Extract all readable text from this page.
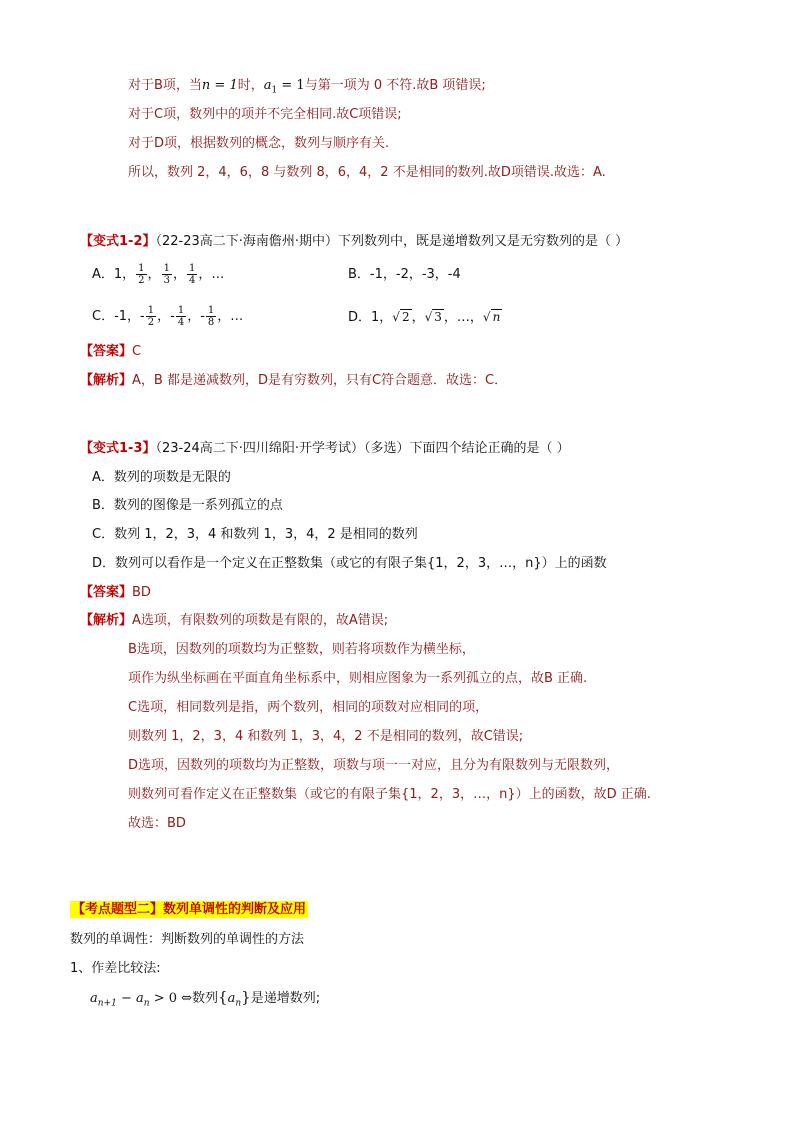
对于B项，当n = 1时，$a_1 = 1$与第一项为 0 不符.故B 项错误;
对于C项，数列中的项并不完全相同.故C项错误;
对于D项，根据数列的概念，数列与顺序有关.
所以，数列 2，4，6，8 与数列 8，6，4，2 不是相同的数列.故D项错误.故选：A.
【变式1-2】（22-23高二下·海南儋州·期中）下列数列中，既是递增数列又是无穷数列的是（ ）
A．1， $\frac{1}{2}$ ， $\frac{1}{3}$ ， $\frac{1}{4}$ ，…	B．-1，-2，-3，-4
C．-1，- $\frac{1}{2}$ ，- $\frac{1}{4}$ ，- $\frac{1}{8}$ ，…	D．1，√ 2 ，√ 3 ，…，√ n
【答案】C
【解析】A，B 都是递减数列，D是有穷数列，只有C符合题意．故选：C．
【变式1-3】（23-24高二下·四川绵阳·开学考试）（多选）下面四个结论正确的是（ ）
A．数列的项数是无限的
B．数列的图像是一系列孤立的点
C．数列 1，2，3，4 和数列 1，3，4，2 是相同的数列
D．数列可以看作是一个定义在正整数集（或它的有限子集{1，2，3，…，n}）上的函数
【答案】BD
【解析】A选项，有限数列的项数是有限的，故A错误;
B选项，因数列的项数均为正整数，则若将项数作为横坐标，
项作为纵坐标画在平面直角坐标系中，则相应图象为一系列孤立的点，故B 正确.
C选项，相同数列是指，两个数列，相同的项数对应相同的项，
则数列 1，2，3，4 和数列 1，3，4，2 不是相同的数列，故C错误;
D选项，因数列的项数均为正整数，项数与项一一对应，且分为有限数列与无限数列，
则数列可看作定义在正整数集（或它的有限子集{1，2，3，…，n}）上的函数，故D 正确.
故选：BD
【考点题型二】数列单调性的判断及应用
数列的单调性：判断数列的单调性的方法
1、作差比较法:
$a_{n+1} - a_n > 0$ ⇔数列$\{a_n\}$是递增数列;
